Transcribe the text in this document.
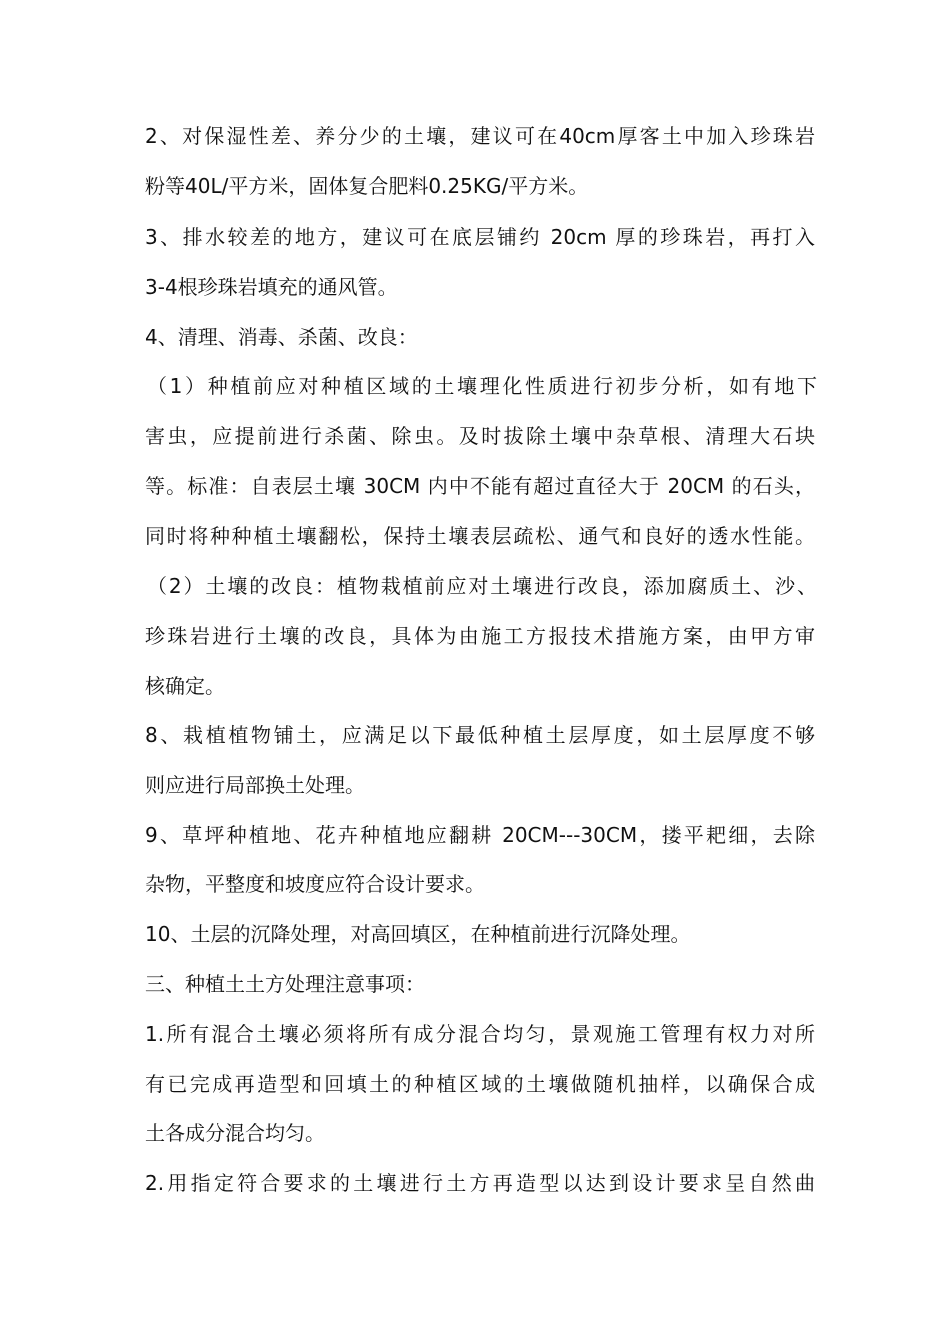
2、对保湿性差、养分少的土壤，建议可在40cm厚客土中加入珍珠岩

粉等40L/平方米，固体复合肥料0.25KG/平方米。

3、排水较差的地方，建议可在底层铺约 20cm 厚的珍珠岩，再打入

3-4根珍珠岩填充的通风管。

4、清理、消毒、杀菌、改良：

（1）种植前应对种植区域的土壤理化性质进行初步分析，如有地下

害虫，应提前进行杀菌、除虫。及时拔除土壤中杂草根、清理大石块

等。标准：自表层土壤 30CM 内中不能有超过直径大于 20CM 的石头，

同时将种种植土壤翻松，保持土壤表层疏松、通气和良好的透水性能。

（2）土壤的改良：植物栽植前应对土壤进行改良，添加腐质土、沙、

珍珠岩进行土壤的改良，具体为由施工方报技术措施方案，由甲方审

核确定。

8、栽植植物铺土，应满足以下最低种植土层厚度，如土层厚度不够

则应进行局部换土处理。

9、草坪种植地、花卉种植地应翻耕 20CM---30CM，搂平耙细，去除

杂物，平整度和坡度应符合设计要求。

10、土层的沉降处理，对高回填区，在种植前进行沉降处理。

三、种植土土方处理注意事项：

1.所有混合土壤必须将所有成分混合均匀，景观施工管理有权力对所

有已完成再造型和回填土的种植区域的土壤做随机抽样，以确保合成

土各成分混合均匀。

2.用指定符合要求的土壤进行土方再造型以达到设计要求呈自然曲
